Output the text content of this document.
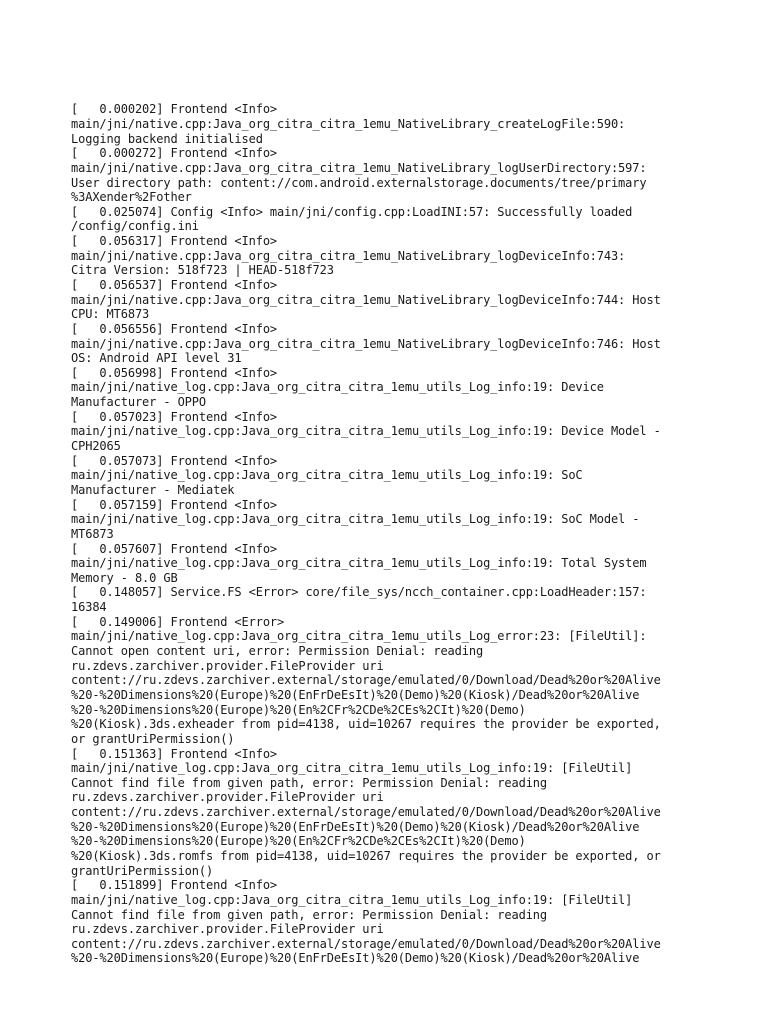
[   0.000202] Frontend <Info>
main/jni/native.cpp:Java_org_citra_citra_1emu_NativeLibrary_createLogFile:590:
Logging backend initialised
[   0.000272] Frontend <Info>
main/jni/native.cpp:Java_org_citra_citra_1emu_NativeLibrary_logUserDirectory:597:
User directory path: content://com.android.externalstorage.documents/tree/primary
%3AXender%2Fother
[   0.025074] Config <Info> main/jni/config.cpp:LoadINI:57: Successfully loaded
/config/config.ini
[   0.056317] Frontend <Info>
main/jni/native.cpp:Java_org_citra_citra_1emu_NativeLibrary_logDeviceInfo:743:
Citra Version: 518f723 | HEAD-518f723
[   0.056537] Frontend <Info>
main/jni/native.cpp:Java_org_citra_citra_1emu_NativeLibrary_logDeviceInfo:744: Host
CPU: MT6873
[   0.056556] Frontend <Info>
main/jni/native.cpp:Java_org_citra_citra_1emu_NativeLibrary_logDeviceInfo:746: Host
OS: Android API level 31
[   0.056998] Frontend <Info>
main/jni/native_log.cpp:Java_org_citra_citra_1emu_utils_Log_info:19: Device
Manufacturer - OPPO
[   0.057023] Frontend <Info>
main/jni/native_log.cpp:Java_org_citra_citra_1emu_utils_Log_info:19: Device Model -
CPH2065
[   0.057073] Frontend <Info>
main/jni/native_log.cpp:Java_org_citra_citra_1emu_utils_Log_info:19: SoC
Manufacturer - Mediatek
[   0.057159] Frontend <Info>
main/jni/native_log.cpp:Java_org_citra_citra_1emu_utils_Log_info:19: SoC Model -
MT6873
[   0.057607] Frontend <Info>
main/jni/native_log.cpp:Java_org_citra_citra_1emu_utils_Log_info:19: Total System
Memory - 8.0 GB
[   0.148057] Service.FS <Error> core/file_sys/ncch_container.cpp:LoadHeader:157:
16384
[   0.149006] Frontend <Error>
main/jni/native_log.cpp:Java_org_citra_citra_1emu_utils_Log_error:23: [FileUtil]:
Cannot open content uri, error: Permission Denial: reading
ru.zdevs.zarchiver.provider.FileProvider uri
content://ru.zdevs.zarchiver.external/storage/emulated/0/Download/Dead%20or%20Alive
%20-%20Dimensions%20(Europe)%20(EnFrDeEsIt)%20(Demo)%20(Kiosk)/Dead%20or%20Alive
%20-%20Dimensions%20(Europe)%20(En%2CFr%2CDe%2CEs%2CIt)%20(Demo)
%20(Kiosk).3ds.exheader from pid=4138, uid=10267 requires the provider be exported,
or grantUriPermission()
[   0.151363] Frontend <Info>
main/jni/native_log.cpp:Java_org_citra_citra_1emu_utils_Log_info:19: [FileUtil]
Cannot find file from given path, error: Permission Denial: reading
ru.zdevs.zarchiver.provider.FileProvider uri
content://ru.zdevs.zarchiver.external/storage/emulated/0/Download/Dead%20or%20Alive
%20-%20Dimensions%20(Europe)%20(EnFrDeEsIt)%20(Demo)%20(Kiosk)/Dead%20or%20Alive
%20-%20Dimensions%20(Europe)%20(En%2CFr%2CDe%2CEs%2CIt)%20(Demo)
%20(Kiosk).3ds.romfs from pid=4138, uid=10267 requires the provider be exported, or
grantUriPermission()
[   0.151899] Frontend <Info>
main/jni/native_log.cpp:Java_org_citra_citra_1emu_utils_Log_info:19: [FileUtil]
Cannot find file from given path, error: Permission Denial: reading
ru.zdevs.zarchiver.provider.FileProvider uri
content://ru.zdevs.zarchiver.external/storage/emulated/0/Download/Dead%20or%20Alive
%20-%20Dimensions%20(Europe)%20(EnFrDeEsIt)%20(Demo)%20(Kiosk)/Dead%20or%20Alive
